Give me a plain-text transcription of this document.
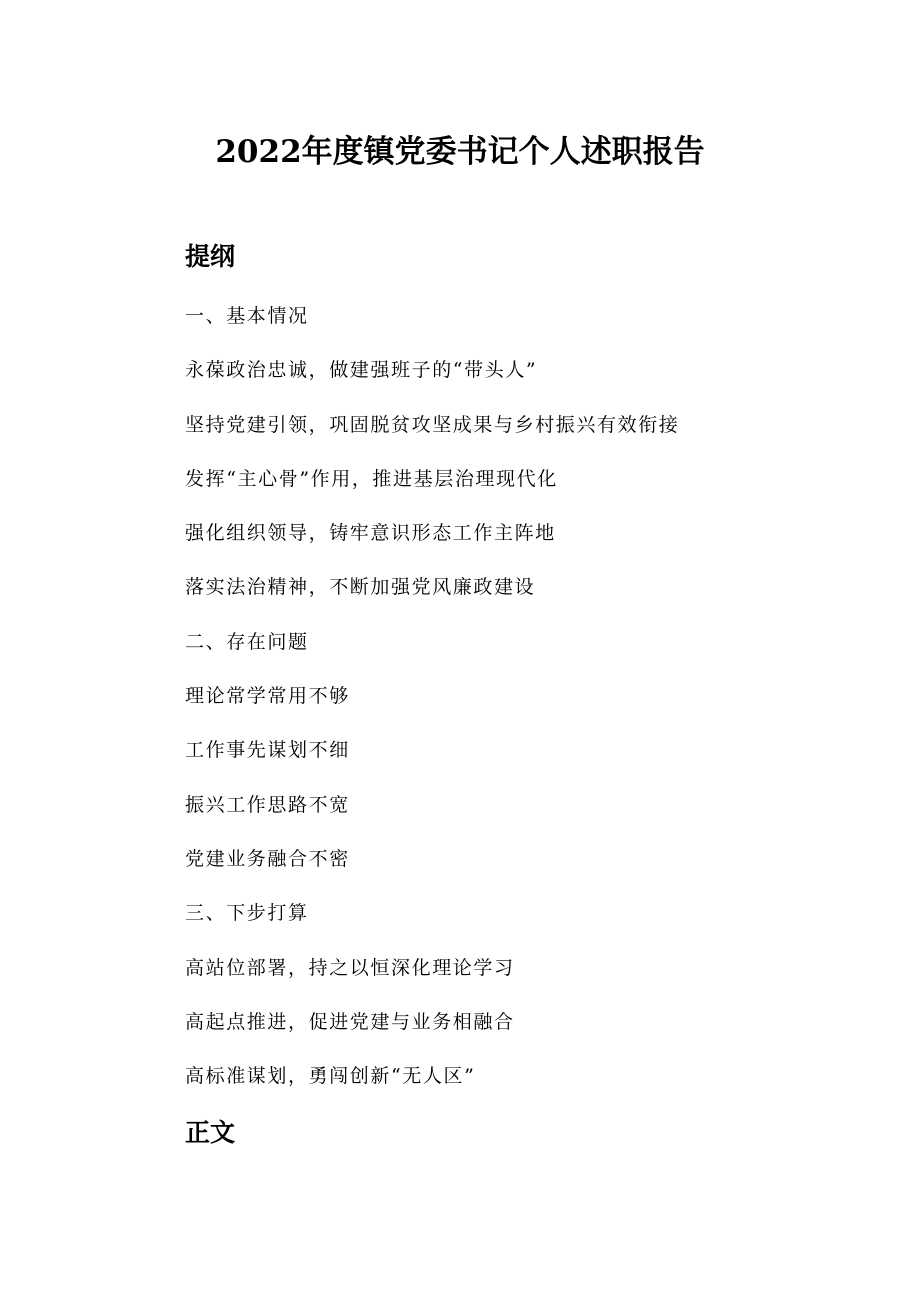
2022年度镇党委书记个人述职报告
提纲
一、基本情况
永葆政治忠诚，做建强班子的“带头人”
坚持党建引领，巩固脱贫攻坚成果与乡村振兴有效衔接
发挥“主心骨”作用，推进基层治理现代化
强化组织领导，铸牢意识形态工作主阵地
落实法治精神，不断加强党风廉政建设
二、存在问题
理论常学常用不够
工作事先谋划不细
振兴工作思路不宽
党建业务融合不密
三、下步打算
高站位部署，持之以恒深化理论学习
高起点推进，促进党建与业务相融合
高标准谋划，勇闯创新“无人区”
正文
